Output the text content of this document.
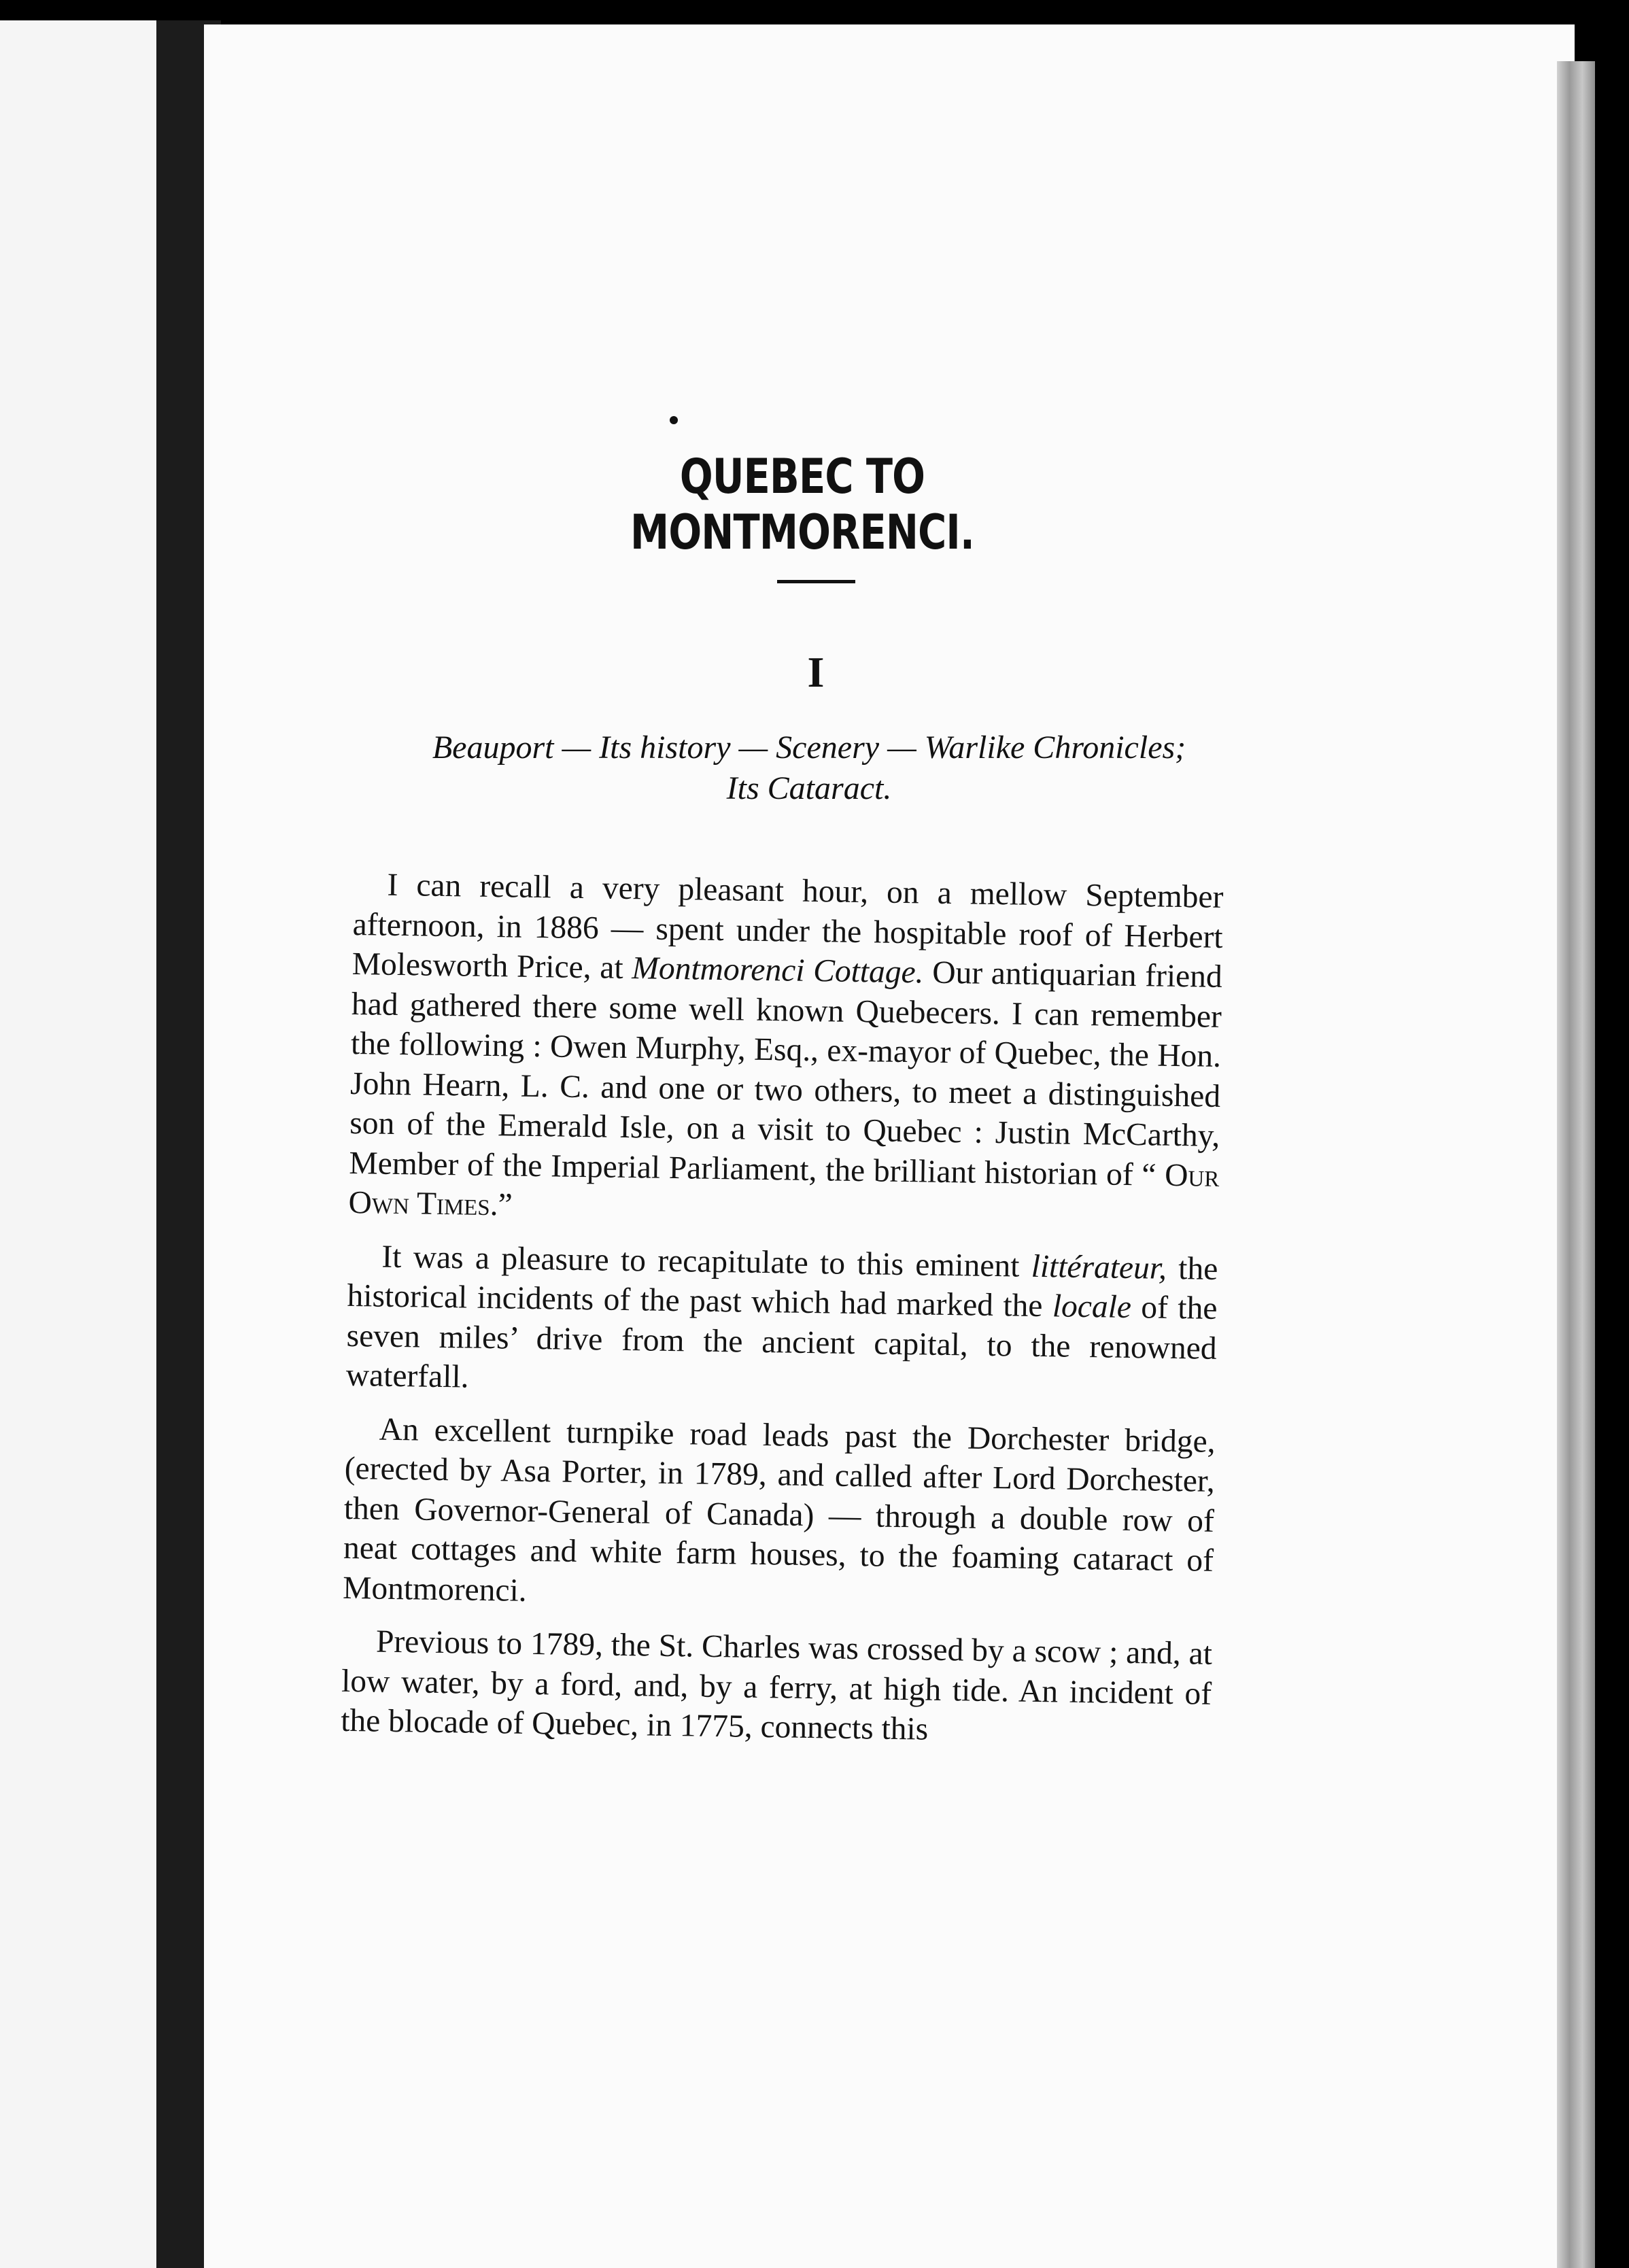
QUEBEC TO MONTMORENCI.
I
Beauport — Its history — Scenery — Warlike Chronicles;
Its Cataract.

I can recall a very pleasant hour, on a mellow September afternoon, in 1886 — spent under the hospitable roof of Herbert Molesworth Price, at Montmorenci Cottage. Our antiquarian friend had gathered there some well known Quebecers. I can remember the following : Owen Murphy, Esq., ex-mayor of Quebec, the Hon. John Hearn, L. C. and one or two others, to meet a distinguished son of the Emerald Isle, on a visit to Quebec : Justin McCarthy, Member of the Imperial Parliament, the brilliant historian of “ Our Own Times.”

It was a pleasure to recapitulate to this eminent littérateur, the historical incidents of the past which had marked the locale of the seven miles’ drive from the ancient capital, to the renowned waterfall.

An excellent turnpike road leads past the Dorchester bridge, (erected by Asa Porter, in 1789, and called after Lord Dorchester, then Governor-General of Canada) — through a double row of neat cottages and white farm houses, to the foaming cataract of Montmorenci.

Previous to 1789, the St. Charles was crossed by a scow ; and, at low water, by a ford, and, by a ferry, at high tide. An incident of the blocade of Quebec, in 1775, connects this
